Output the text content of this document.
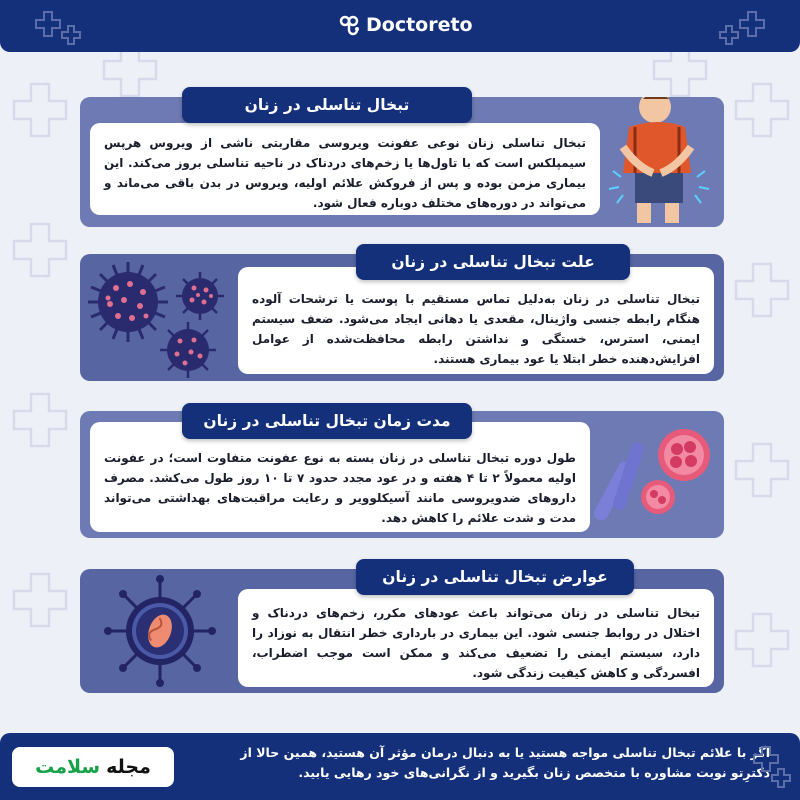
Doctoreto
تبخال تناسلی زنان نوعی عفونت ویروسی مقاربتی ناشی از ویروس هرپس سیمپلکس است که با تاول‌ها یا زخم‌های دردناک در ناحیه تناسلی بروز می‌کند. این بیماری مزمن بوده و پس از فروکش علائم اولیه، ویروس در بدن باقی می‌ماند و می‌تواند در دوره‌های مختلف دوباره فعال شود.
تبخال تناسلی در زنان
تبخال تناسلی در زنان به‌دلیل تماس مستقیم با پوست یا ترشحات آلوده هنگام رابطه جنسی واژینال، مقعدی یا دهانی ایجاد می‌شود. ضعف سیستم ایمنی، استرس، خستگی و نداشتن رابطه محافظت‌شده از عوامل افزایش‌دهنده خطر ابتلا یا عود بیماری هستند.
علت تبخال تناسلی در زنان
طول دوره تبخال تناسلی در زنان بسته به نوع عفونت متفاوت است؛ در عفونت اولیه معمولاً ۲ تا ۴ هفته و در عود مجدد حدود ۷ تا ۱۰ روز طول می‌کشد. مصرف داروهای ضدویروسی مانند آسیکلوویر و رعایت مراقبت‌های بهداشتی می‌تواند مدت و شدت علائم را کاهش دهد.
مدت زمان تبخال تناسلی در زنان
تبخال تناسلی در زنان می‌تواند باعث عودهای مکرر، زخم‌های دردناک و اختلال در روابط جنسی شود. این بیماری در بارداری خطر انتقال به نوزاد را دارد، سیستم ایمنی را تضعیف می‌کند و ممکن است موجب اضطراب، افسردگی و کاهش کیفیت زندگی شود.
عوارض تبخال تناسلی در زنان
اگر با علائم تبخال تناسلی مواجه هستید یا به دنبال درمان مؤثر آن هستید، همین حالا از
دکترِتو نوبت مشاوره با متخصص زنان بگیرید و از نگرانی‌های خود رهایی یابید.
مجله
سلامت
